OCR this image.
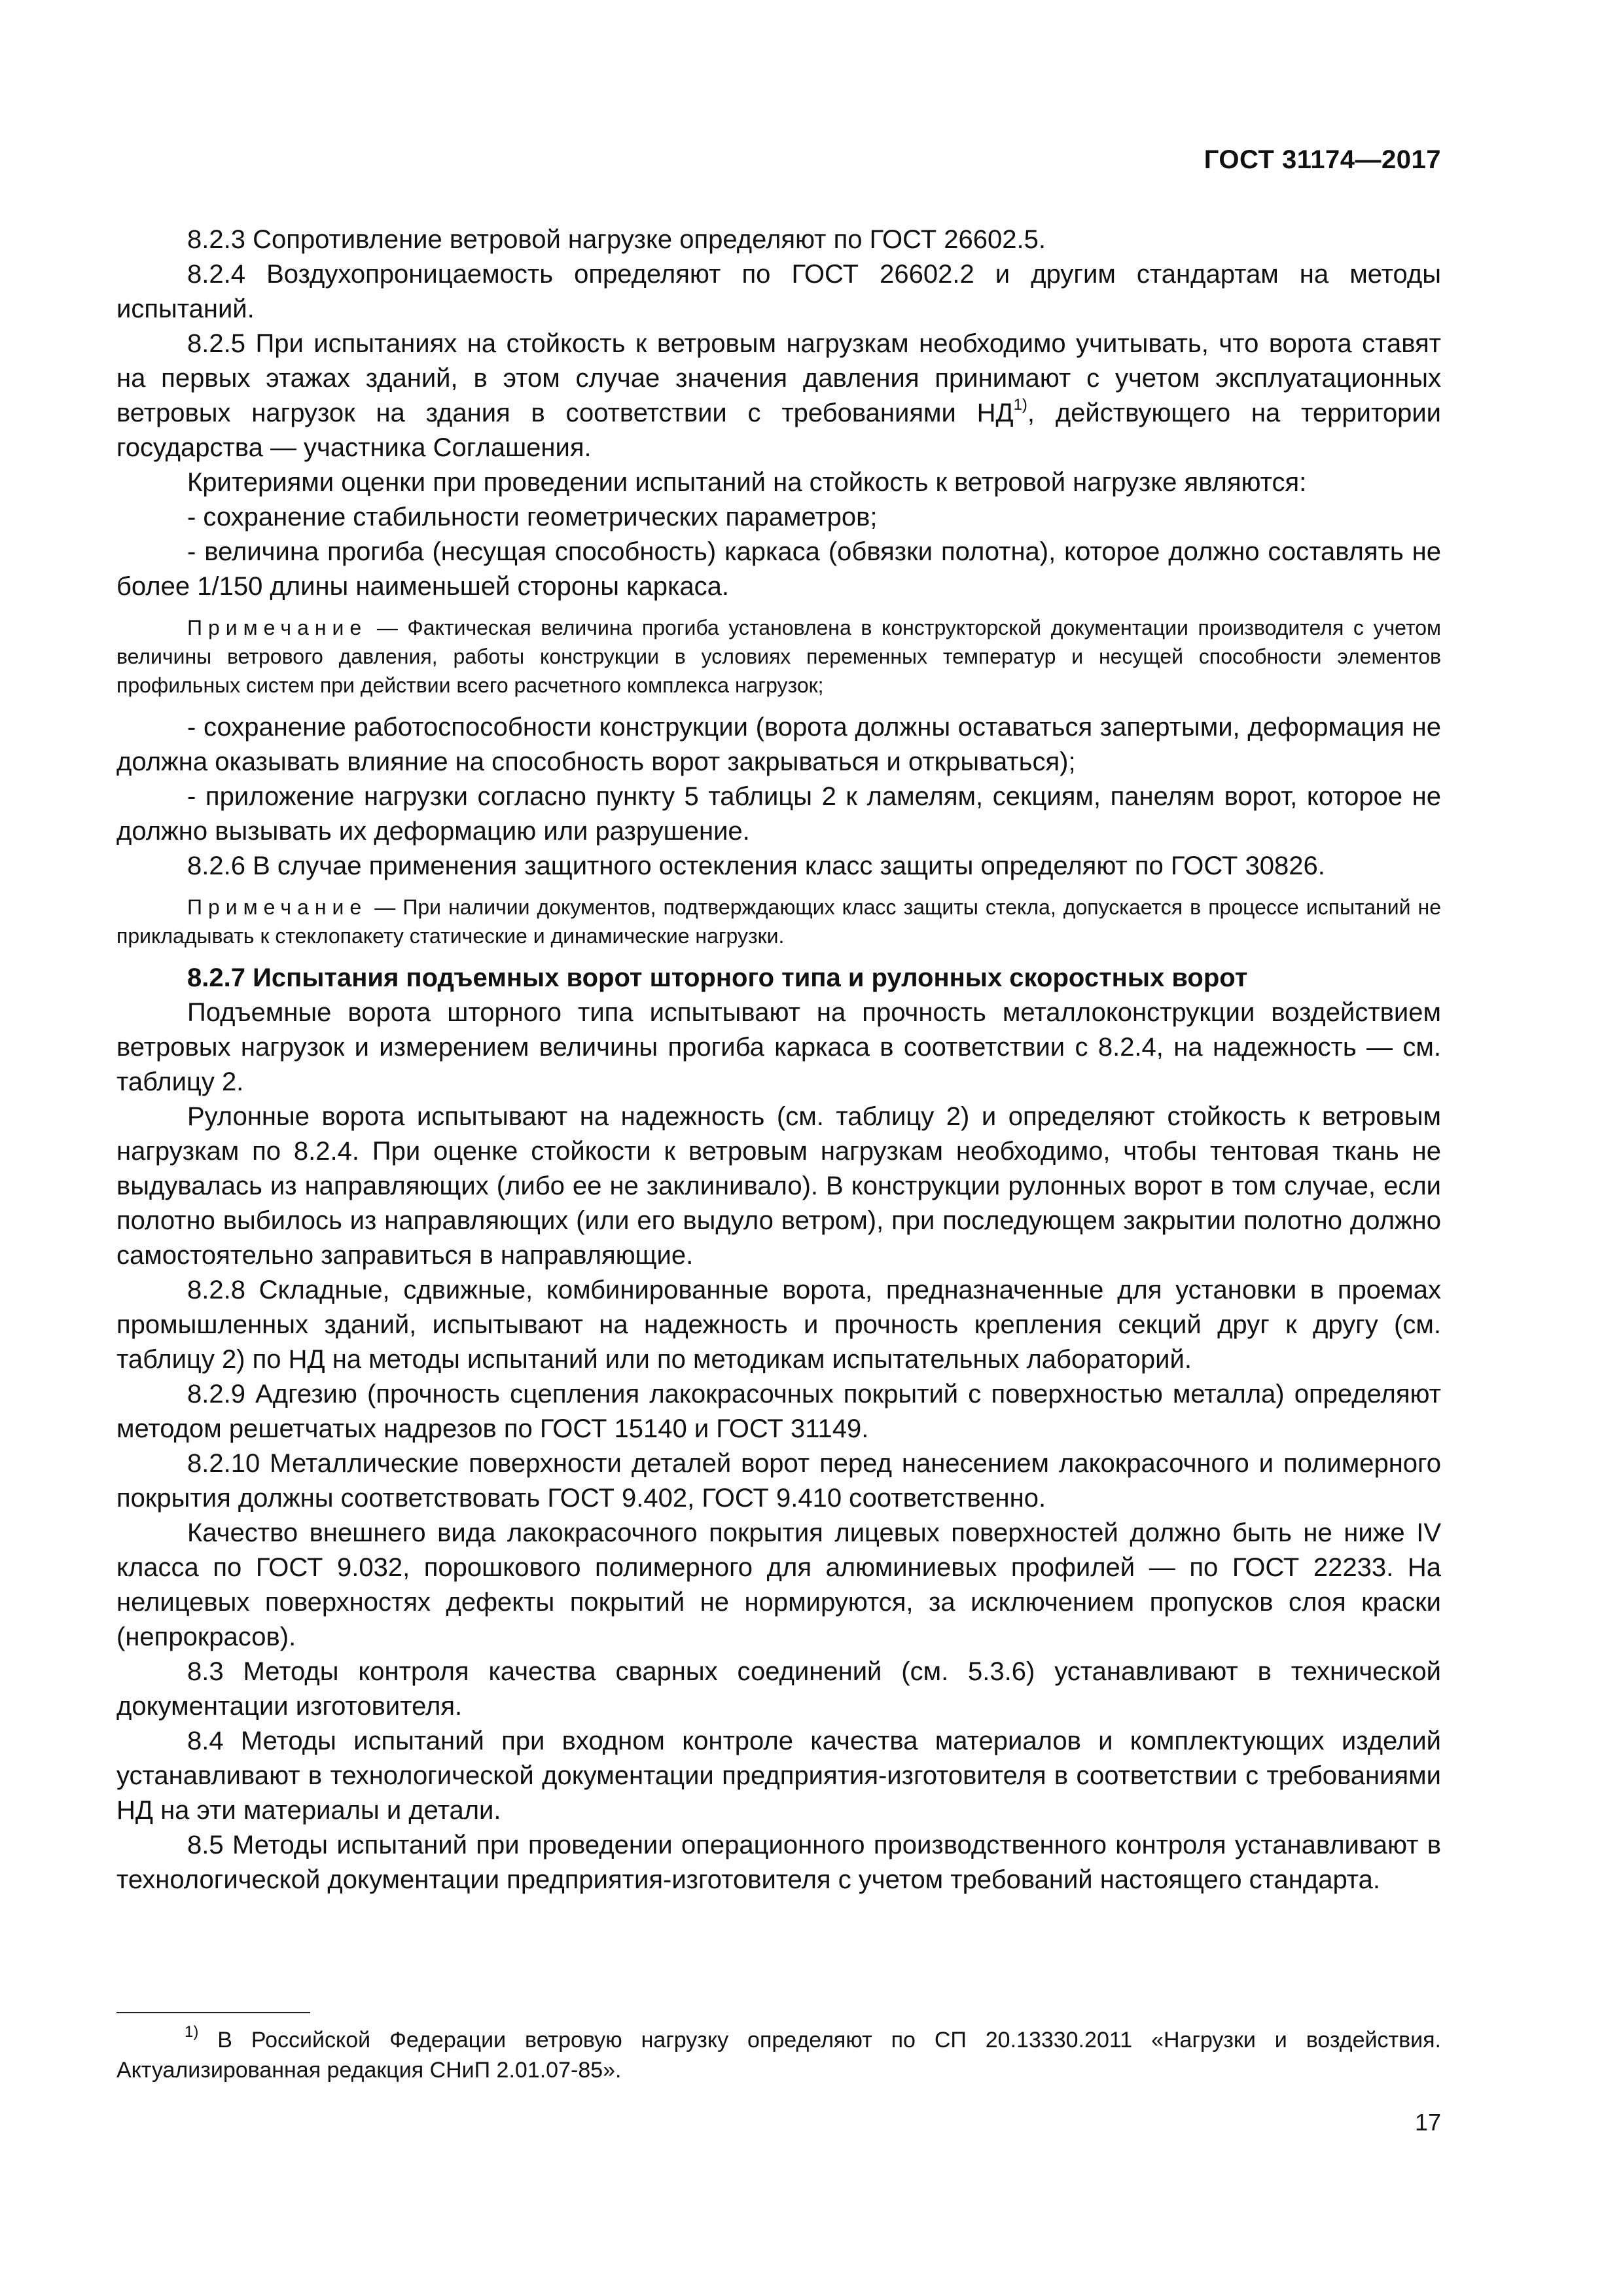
ГОСТ 31174—2017

8.2.3 Сопротивление ветровой нагрузке определяют по ГОСТ 26602.5.

8.2.4 Воздухопроницаемость определяют по ГОСТ 26602.2 и другим стандартам на методы испытаний.

8.2.5 При испытаниях на стойкость к ветровым нагрузкам необходимо учитывать, что ворота ставят на первых этажах зданий, в этом случае значения давления принимают с учетом эксплуатационных ветровых нагрузок на здания в соответствии с требованиями НД$^{1)}$, действующего на территории государства — участника Соглашения.

Критериями оценки при проведении испытаний на стойкость к ветровой нагрузке являются:

- сохранение стабильности геометрических параметров;

- величина прогиба (несущая способность) каркаса (обвязки полотна), которое должно составлять не более 1/150 длины наименьшей стороны каркаса.

Примечание — Фактическая величина прогиба установлена в конструкторской документации производителя с учетом величины ветрового давления, работы конструкции в условиях переменных температур и несущей способности элементов профильных систем при действии всего расчетного комплекса нагрузок;

- сохранение работоспособности конструкции (ворота должны оставаться запертыми, деформация не должна оказывать влияние на способность ворот закрываться и открываться);

- приложение нагрузки согласно пункту 5 таблицы 2 к ламелям, секциям, панелям ворот, которое не должно вызывать их деформацию или разрушение.

8.2.6 В случае применения защитного остекления класс защиты определяют по ГОСТ 30826.

Примечание — При наличии документов, подтверждающих класс защиты стекла, допускается в процессе испытаний не прикладывать к стеклопакету статические и динамические нагрузки.

8.2.7 Испытания подъемных ворот шторного типа и рулонных скоростных ворот

Подъемные ворота шторного типа испытывают на прочность металлоконструкции воздействием ветровых нагрузок и измерением величины прогиба каркаса в соответствии с 8.2.4, на надежность — см. таблицу 2.

Рулонные ворота испытывают на надежность (см. таблицу 2) и определяют стойкость к ветровым нагрузкам по 8.2.4. При оценке стойкости к ветровым нагрузкам необходимо, чтобы тентовая ткань не выдувалась из направляющих (либо ее не заклинивало). В конструкции рулонных ворот в том случае, если полотно выбилось из направляющих (или его выдуло ветром), при последующем закрытии полотно должно самостоятельно заправиться в направляющие.

8.2.8 Складные, сдвижные, комбинированные ворота, предназначенные для установки в проемах промышленных зданий, испытывают на надежность и прочность крепления секций друг к другу (см. таблицу 2) по НД на методы испытаний или по методикам испытательных лабораторий.

8.2.9 Адгезию (прочность сцепления лакокрасочных покрытий с поверхностью металла) определяют методом решетчатых надрезов по ГОСТ 15140 и ГОСТ 31149.

8.2.10 Металлические поверхности деталей ворот перед нанесением лакокрасочного и полимерного покрытия должны соответствовать ГОСТ 9.402, ГОСТ 9.410 соответственно.

Качество внешнего вида лакокрасочного покрытия лицевых поверхностей должно быть не ниже IV класса по ГОСТ 9.032, порошкового полимерного для алюминиевых профилей — по ГОСТ 22233. На нелицевых поверхностях дефекты покрытий не нормируются, за исключением пропусков слоя краски (непрокрасов).

8.3 Методы контроля качества сварных соединений (см. 5.3.6) устанавливают в технической документации изготовителя.

8.4 Методы испытаний при входном контроле качества материалов и комплектующих изделий устанавливают в технологической документации предприятия-изготовителя в соответствии с требованиями НД на эти материалы и детали.

8.5 Методы испытаний при проведении операционного производственного контроля устанавливают в технологической документации предприятия-изготовителя с учетом требований настоящего стандарта.

$^{1)}$ В Российской Федерации ветровую нагрузку определяют по СП 20.13330.2011 «Нагрузки и воздействия. Актуализированная редакция СНиП 2.01.07-85».

17
